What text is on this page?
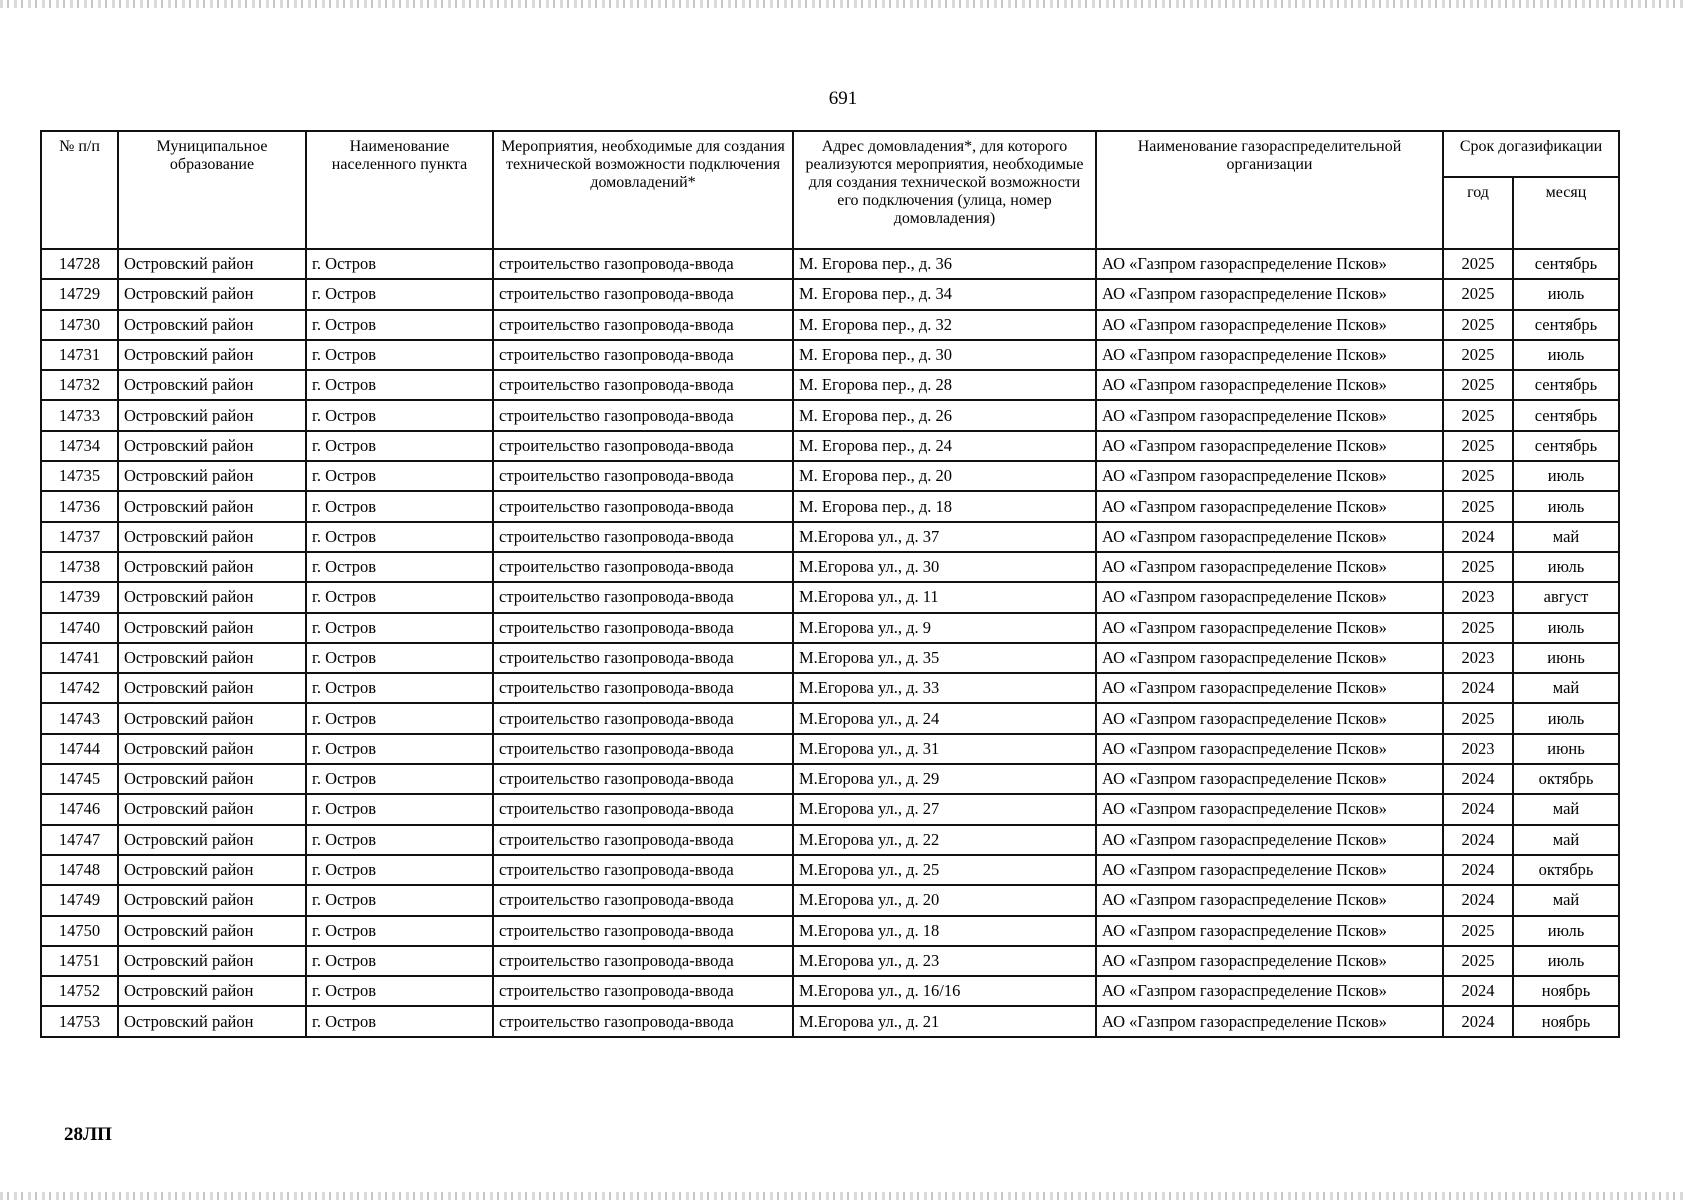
691
№ п/п	Муниципальное образование	Наименование населенного пункта	Мероприятия, необходимые для создания технической возможности подключения домовладений*	Адрес домовладения*, для которого реализуются мероприятия, необходимые для создания технической возможности его подключения (улица, номер домовладения)	Наименование газораспределительной организации	Срок догазификации	
						год	месяц
14728	Островский район	г. Остров	строительство газопровода-ввода	М. Егорова пер., д. 36	АО «Газпром газораспределение Псков»	2025	сентябрь
14729	Островский район	г. Остров	строительство газопровода-ввода	М. Егорова пер., д. 34	АО «Газпром газораспределение Псков»	2025	июль
14730	Островский район	г. Остров	строительство газопровода-ввода	М. Егорова пер., д. 32	АО «Газпром газораспределение Псков»	2025	сентябрь
14731	Островский район	г. Остров	строительство газопровода-ввода	М. Егорова пер., д. 30	АО «Газпром газораспределение Псков»	2025	июль
14732	Островский район	г. Остров	строительство газопровода-ввода	М. Егорова пер., д. 28	АО «Газпром газораспределение Псков»	2025	сентябрь
14733	Островский район	г. Остров	строительство газопровода-ввода	М. Егорова пер., д. 26	АО «Газпром газораспределение Псков»	2025	сентябрь
14734	Островский район	г. Остров	строительство газопровода-ввода	М. Егорова пер., д. 24	АО «Газпром газораспределение Псков»	2025	сентябрь
14735	Островский район	г. Остров	строительство газопровода-ввода	М. Егорова пер., д. 20	АО «Газпром газораспределение Псков»	2025	июль
14736	Островский район	г. Остров	строительство газопровода-ввода	М. Егорова пер., д. 18	АО «Газпром газораспределение Псков»	2025	июль
14737	Островский район	г. Остров	строительство газопровода-ввода	М.Егорова ул., д. 37	АО «Газпром газораспределение Псков»	2024	май
14738	Островский район	г. Остров	строительство газопровода-ввода	М.Егорова ул., д. 30	АО «Газпром газораспределение Псков»	2025	июль
14739	Островский район	г. Остров	строительство газопровода-ввода	М.Егорова ул., д. 11	АО «Газпром газораспределение Псков»	2023	август
14740	Островский район	г. Остров	строительство газопровода-ввода	М.Егорова ул., д. 9	АО «Газпром газораспределение Псков»	2025	июль
14741	Островский район	г. Остров	строительство газопровода-ввода	М.Егорова ул., д. 35	АО «Газпром газораспределение Псков»	2023	июнь
14742	Островский район	г. Остров	строительство газопровода-ввода	М.Егорова ул., д. 33	АО «Газпром газораспределение Псков»	2024	май
14743	Островский район	г. Остров	строительство газопровода-ввода	М.Егорова ул., д. 24	АО «Газпром газораспределение Псков»	2025	июль
14744	Островский район	г. Остров	строительство газопровода-ввода	М.Егорова ул., д. 31	АО «Газпром газораспределение Псков»	2023	июнь
14745	Островский район	г. Остров	строительство газопровода-ввода	М.Егорова ул., д. 29	АО «Газпром газораспределение Псков»	2024	октябрь
14746	Островский район	г. Остров	строительство газопровода-ввода	М.Егорова ул., д. 27	АО «Газпром газораспределение Псков»	2024	май
14747	Островский район	г. Остров	строительство газопровода-ввода	М.Егорова ул., д. 22	АО «Газпром газораспределение Псков»	2024	май
14748	Островский район	г. Остров	строительство газопровода-ввода	М.Егорова ул., д. 25	АО «Газпром газораспределение Псков»	2024	октябрь
14749	Островский район	г. Остров	строительство газопровода-ввода	М.Егорова ул., д. 20	АО «Газпром газораспределение Псков»	2024	май
14750	Островский район	г. Остров	строительство газопровода-ввода	М.Егорова ул., д. 18	АО «Газпром газораспределение Псков»	2025	июль
14751	Островский район	г. Остров	строительство газопровода-ввода	М.Егорова ул., д. 23	АО «Газпром газораспределение Псков»	2025	июль
14752	Островский район	г. Остров	строительство газопровода-ввода	М.Егорова ул., д. 16/16	АО «Газпром газораспределение Псков»	2024	ноябрь
14753	Островский район	г. Остров	строительство газопровода-ввода	М.Егорова ул., д. 21	АО «Газпром газораспределение Псков»	2024	ноябрь
28ЛП
